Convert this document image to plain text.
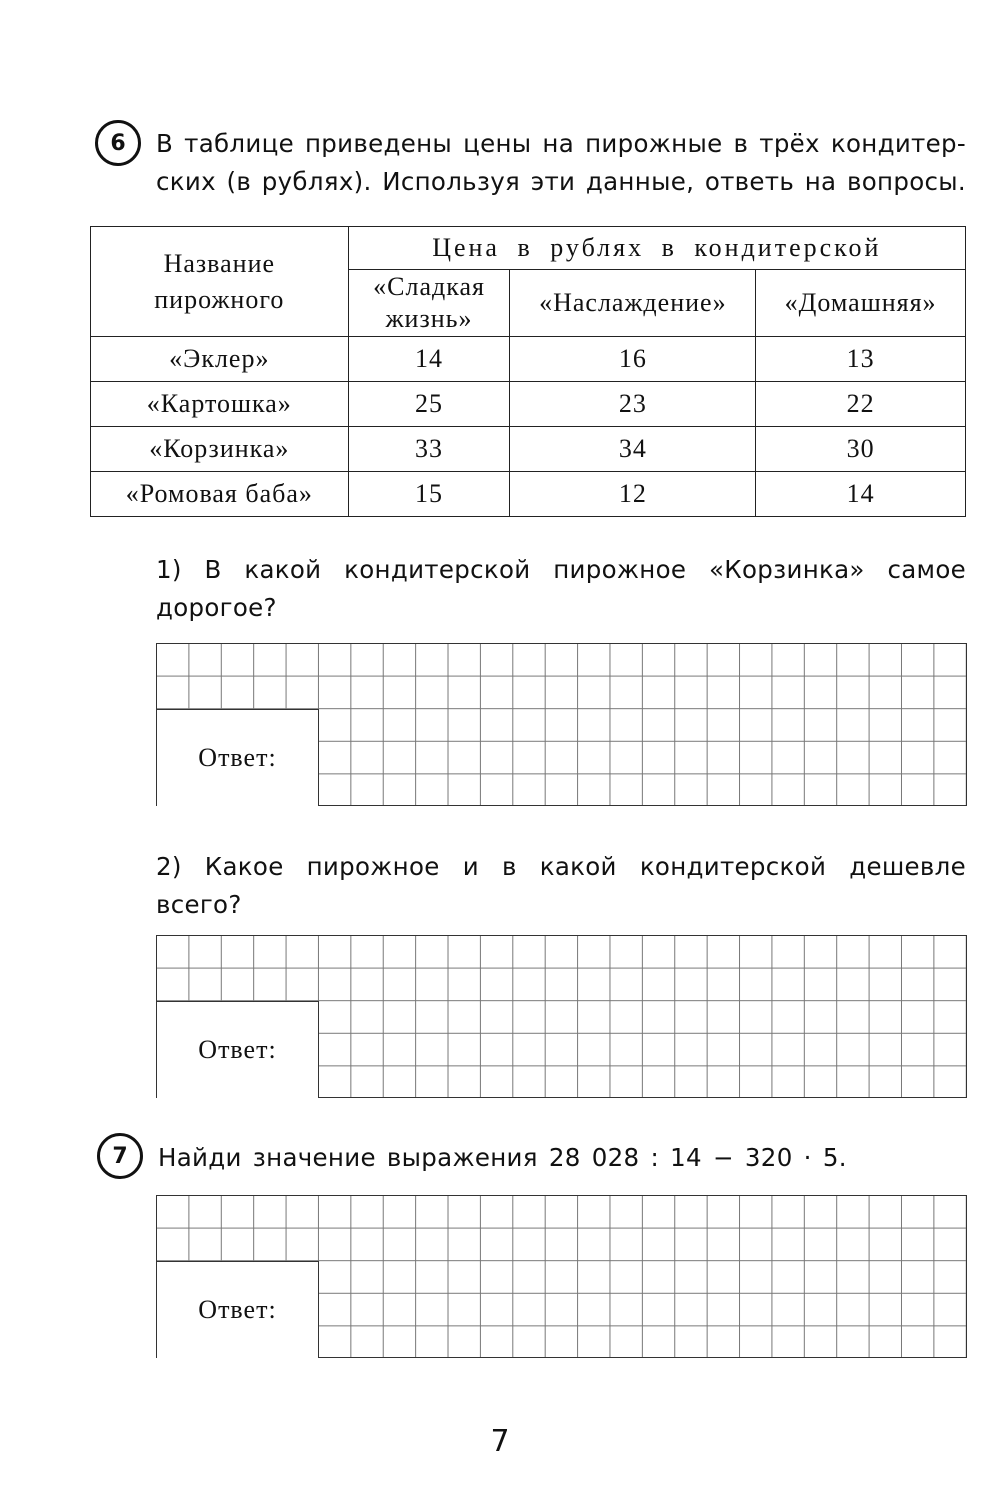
6 В таблице приведены цены на пирожные в трёх кондитер-
ских (в рублях). Используя эти данные, ответь на вопросы.
Название пирожного	Цена в рублях в кондитерской		
	«Сладкая жизнь»	«Наслаждение»	«Домашняя»
«Эклер»	14	16	13
«Картошка»	25	23	22
«Корзинка»	33	34	30
«Ромовая баба»	15	12	14
1) В какой кондитерской пирожное «Корзинка» самое
дорогое?
Ответ:
2) Какое пирожное и в какой кондитерской дешевле
всего?
Ответ:
7 Найди значение выражения 28 028 : 14 − 320 · 5.
Ответ:
7
